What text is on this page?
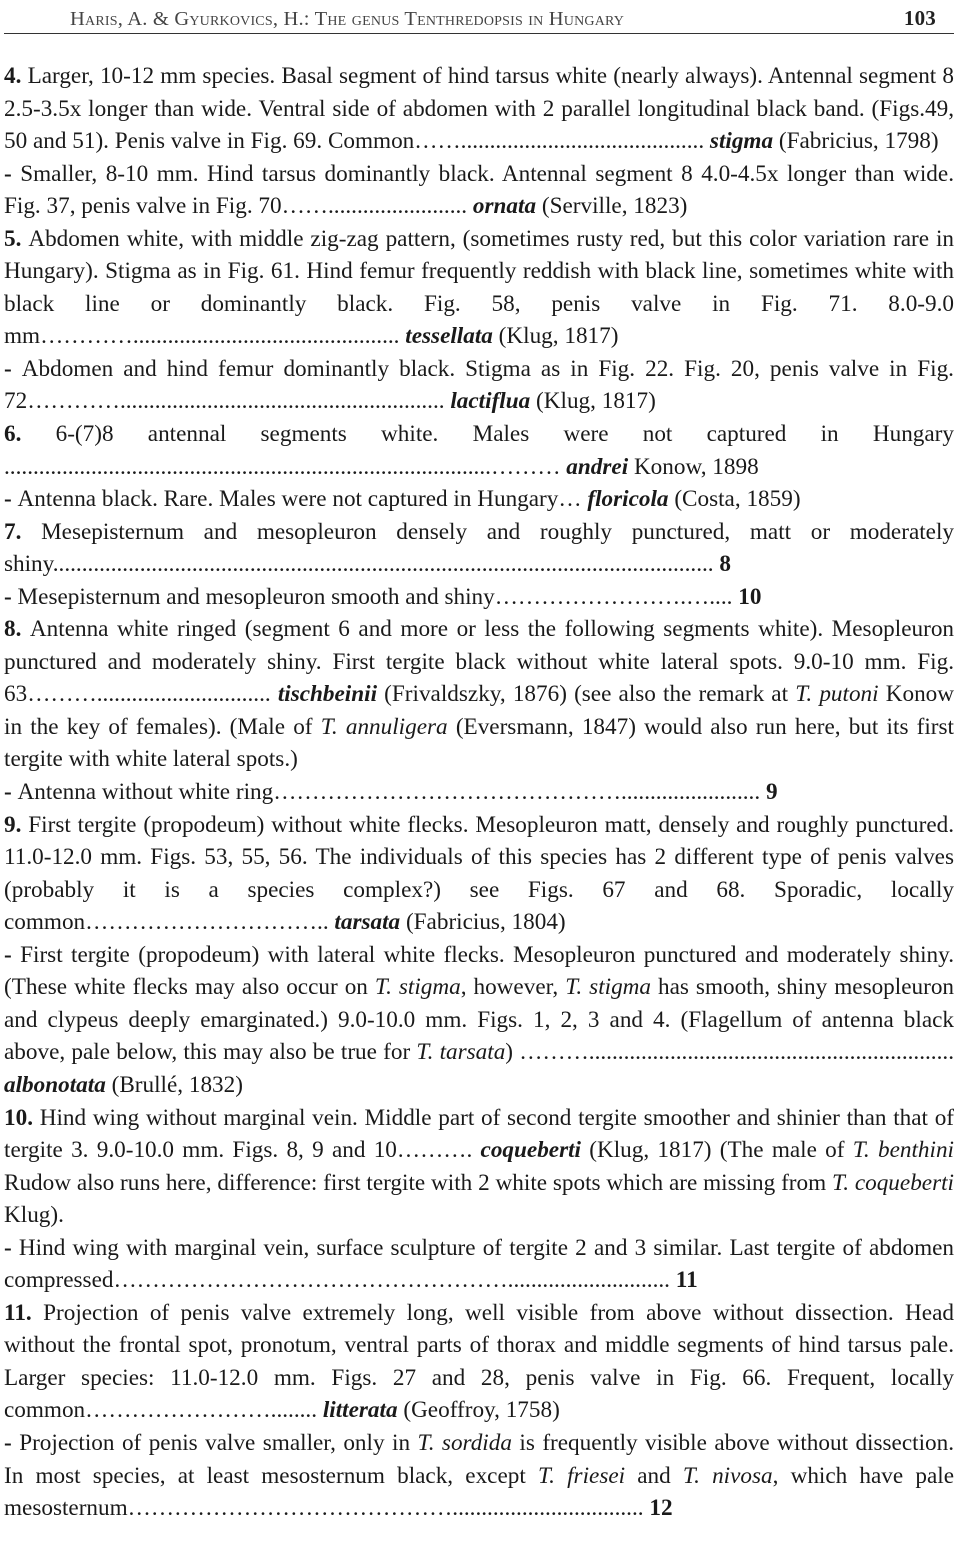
Haris, A. & Gyurkovics, H.: The genus Tenthredopsis in Hungary	103

4. Larger, 10-12 mm species. Basal segment of hind tarsus white (nearly always). Antennal segment 8 2.5-3.5x longer than wide. Ventral side of abdomen with 2 parallel longitudinal black band. (Figs.49, 50 and 51). Penis valve in Fig. 69. Common…….......................................... stigma (Fabricius, 1798)

- Smaller, 8-10 mm. Hind tarsus dominantly black. Antennal segment 8 4.0-4.5x longer than wide. Fig. 37, penis valve in Fig. 70……........................ ornata (Serville, 1823)

5. Abdomen white, with middle zig-zag pattern, (sometimes rusty red, but this color variation rare in Hungary). Stigma as in Fig. 61. Hind femur frequently reddish with black line, sometimes white with black line or dominantly black. Fig. 58, penis valve in Fig. 71. 8.0-9.0 mm………….............................................. tessellata (Klug, 1817)

- Abdomen and hind femur dominantly black. Stigma as in Fig. 22. Fig. 20, penis valve in Fig. 72…………........................................................ lactiflua (Klug, 1817)

6. 6-(7)8 antennal segments white. Males were not captured in Hungary ....................................................................................……… andrei Konow, 1898

- Antenna black. Rare. Males were not captured in Hungary… floricola (Costa, 1859)

7. Mesepisternum and mesopleuron densely and roughly punctured, matt or moderately shiny.................................................................................................................. 8

- Mesepisternum and mesopleuron smooth and shiny…………………….….... 10

8. Antenna white ringed (segment 6 and more or less the following segments white). Mesopleuron punctured and moderately shiny. First tergite black without white lateral spots. 9.0-10 mm. Fig. 63……….............................. tischbeinii (Frivaldszky, 1876) (see also the remark at T. putoni Konow in the key of females). (Male of T. annuligera (Eversmann, 1847) would also run here, but its first tergite with white lateral spots.)

- Antenna without white ring………………………………………........................ 9

9. First tergite (propodeum) without white flecks. Mesopleuron matt, densely and roughly punctured. 11.0-12.0 mm. Figs. 53, 55, 56. The individuals of this species has 2 different type of penis valves (probably it is a species complex?) see Figs. 67 and 68. Sporadic, locally common………………………….. tarsata (Fabricius, 1804)

- First tergite (propodeum) with lateral white flecks. Mesopleuron punctured and moderately shiny. (These white flecks may also occur on T. stigma, however, T. stigma has smooth, shiny mesopleuron and clypeus deeply emarginated.) 9.0-10.0 mm. Figs. 1, 2, 3 and 4. (Flagellum of antenna black above, pale below, this may also be true for T. tarsata) ………............................................................... albonotata (Brullé, 1832)

10. Hind wing without marginal vein. Middle part of second tergite smoother and shinier than that of tergite 3. 9.0-10.0 mm. Figs. 8, 9 and 10………. coqueberti (Klug, 1817) (The male of T. benthini Rudow also runs here, difference: first tergite with 2 white spots which are missing from T. coqueberti Klug).

- Hind wing with marginal vein, surface sculpture of tergite 2 and 3 similar. Last tergite of abdomen compressed……………………………………………............................ 11

11. Projection of penis valve extremely long, well visible from above without dissection. Head without the frontal spot, pronotum, ventral parts of thorax and middle segments of hind tarsus pale. Larger species: 11.0-12.0 mm. Figs. 27 and 28, penis valve in Fig. 66. Frequent, locally common……………………........ litterata (Geoffroy, 1758)

- Projection of penis valve smaller, only in T. sordida is frequently visible above without dissection. In most species, at least mesosternum black, except T. friesei and T. nivosa, which have pale mesosternum……………………………………................................. 12
